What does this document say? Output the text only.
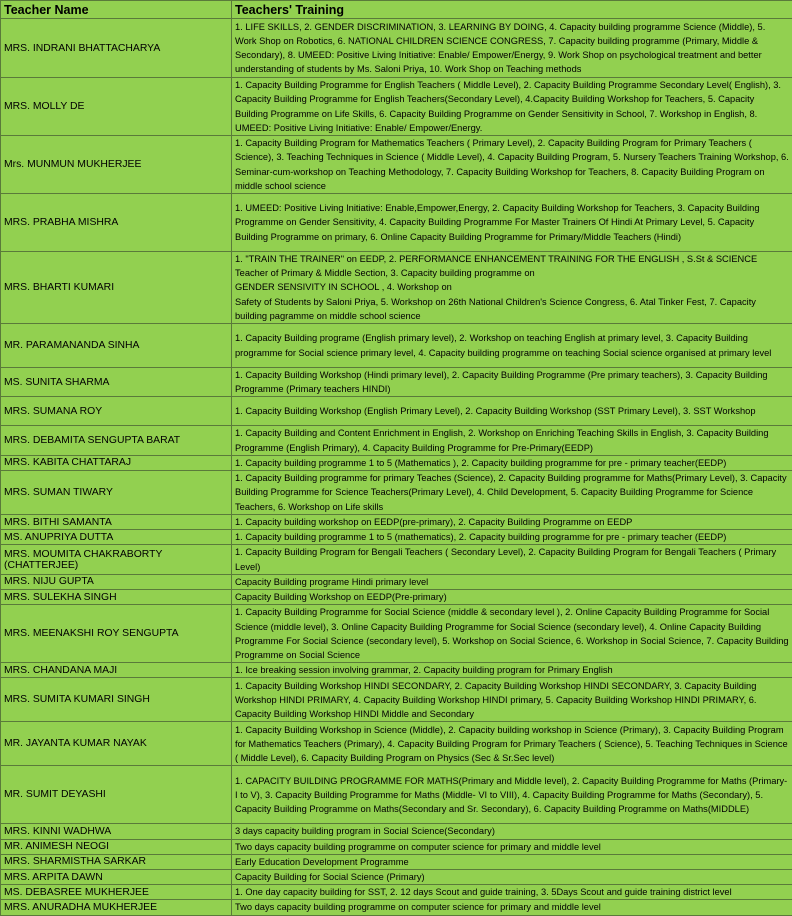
Teacher Name	Teachers' Training
MRS. INDRANI BHATTACHARYA	1. LIFE SKILLS, 2. GENDER DISCRIMINATION, 3. LEARNING BY DOING, 4. Capacity building programme Science (Middle), 5. Work Shop on Robotics, 6. NATIONAL CHILDREN SCIENCE CONGRESS, 7. Capacity building programme (Primary, Middle & Secondary), 8. UMEED: Positive Living Initiative: Enable/ Empower/Energy, 9. Work Shop on psychological treatment and better understanding of students by Ms. Saloni Priya, 10. Work Shop on Teaching methods
MRS. MOLLY DE	1. Capacity Building Programme for English Teachers ( Middle Level), 2. Capacity Building Programme Secondary Level( English), 3. Capacity Building Programme for English Teachers(Secondary Level), 4.Capacity Building Workshop for Teachers, 5. Capacity Building Programme on Life Skills, 6. Capacity Building Programme on Gender Sensitivity in School, 7. Workshop in English, 8. UMEED: Positive Living Initiative: Enable/ Empower/Energy.
Mrs. MUNMUN MUKHERJEE	1. Capacity Building Program for Mathematics Teachers ( Primary Level), 2. Capacity Building Program for Primary Teachers ( Science), 3. Teaching Techniques in Science ( Middle Level), 4. Capacity Building Program, 5. Nursery Teachers Training Workshop, 6. Seminar-cum-workshop on Teaching Methodology, 7. Capacity Building Workshop for Teachers, 8. Capacity Building Program on middle school science
MRS. PRABHA MISHRA	1. UMEED: Positive Living Initiative: Enable,Empower,Energy, 2. Capacity Building Workshop for Teachers, 3. Capacity Building Programme on Gender Sensitivity, 4. Capacity Building Programme For Master Trainers Of Hindi At Primary Level, 5. Capacity Building Programme on primary, 6. Online Capacity Building Programme for Primary/Middle Teachers (Hindi)
MRS. BHARTI KUMARI	1. "TRAIN THE TRAINER" on EEDP, 2. PERFORMANCE ENHANCEMENT TRAINING FOR THE ENGLISH , S.St & SCIENCE Teacher of Primary & Middle Section, 3. Capacity building programme on
GENDER SENSIVITY IN SCHOOL , 4. Workshop on
Safety of Students by Saloni Priya, 5. Workshop on 26th National Children's Science Congress, 6. Atal Tinker Fest, 7. Capacity building pagramme on middle school science
MR. PARAMANANDA SINHA	1. Capacity Building programe (English primary level), 2. Workshop on teaching English at primary level, 3. Capacity Building programme for Social science primary level, 4. Capacity building programme on teaching Social science organised at primary level
MS. SUNITA SHARMA	1. Capacity Building Workshop (Hindi primary level), 2. Capacity Building Programme (Pre primary teachers), 3. Capacity Building Programme (Primary teachers HINDI)
MRS. SUMANA ROY	1. Capacity Building Workshop (English Primary Level), 2. Capacity Building Workshop (SST Primary Level), 3. SST Workshop
MRS. DEBAMITA SENGUPTA BARAT	1. Capacity Building and Content Enrichment in English, 2. Workshop on Enriching Teaching Skills in English, 3. Capacity Building Programme (English Primary), 4. Capacity Building Programme for Pre-Primary(EEDP)
MRS. KABITA CHATTARAJ	1. Capacity building programme 1 to 5 (Mathematics ), 2. Capacity building programme for pre - primary teacher(EEDP)
MRS. SUMAN TIWARY	1. Capacity Building programme for primary Teaches (Science), 2. Capacity Building programme for Maths(Primary Level), 3. Capacity Building Programme for Science Teachers(Primary Level), 4. Child Development, 5. Capacity Building Programme for Science Teachers, 6. Workshop on Life skills
MRS. BITHI SAMANTA	1. Capacity building workshop on EEDP(pre-primary), 2. Capacity Building Programme on EEDP
MS. ANUPRIYA DUTTA	1. Capacity building programme 1 to 5 (mathematics), 2. Capacity building programme for pre - primary teacher (EEDP)
MRS. MOUMITA CHAKRABORTY (CHATTERJEE)	1. Capacity Building Program for Bengali Teachers ( Secondary Level), 2. Capacity Building Program for Bengali Teachers ( Primary Level)
MRS. NIJU GUPTA	Capacity Building programe Hindi primary level
MRS. SULEKHA SINGH	Capacity Building Workshop on EEDP(Pre-primary)
MRS. MEENAKSHI ROY SENGUPTA	1. Capacity Building Programme for Social Science (middle & secondary level ), 2. Online Capacity Building Programme for Social Science (middle level), 3. Online Capacity Building Programme for Social Science (secondary level), 4. Online Capacity Building Programme For Social Science (secondary level), 5. Workshop on Social Science, 6. Workshop in Social Science, 7. Capacity Building Programme on Social Science
MRS. CHANDANA MAJI	1. Ice breaking session involving grammar, 2. Capacity building program for Primary English
MRS. SUMITA KUMARI SINGH	1. Capacity Building Workshop HINDI SECONDARY, 2. Capacity Building Workshop HINDI SECONDARY, 3. Capacity Building Workshop HINDI PRIMARY, 4. Capacity Building Workshop HINDI primary, 5. Capacity Building Workshop HINDI PRIMARY, 6. Capacity Building Workshop HINDI Middle and Secondary
MR. JAYANTA KUMAR NAYAK	1. Capacity Building Workshop in Science (Middle), 2. Capacity building workshop in Science (Primary), 3. Capacity Building Program for Mathematics Teachers (Primary), 4. Capacity Building Program for Primary Teachers ( Science), 5. Teaching Techniques in Science ( Middle Level), 6. Capacity Building Program on Physics (Sec & Sr.Sec level)
MR. SUMIT DEYASHI	1. CAPACITY BUILDING PROGRAMME FOR MATHS(Primary and Middle level), 2. Capacity Building Programme for Maths (Primary- I to V), 3. Capacity Building Programme for Maths (Middle- VI to VIII), 4. Capacity Building Programme for Maths (Secondary), 5. Capacity Building Programme on Maths(Secondary and Sr. Secondary), 6. Capacity Building Programme on Maths(MIDDLE)
MRS. KINNI WADHWA	3 days capacity building program in Social Science(Secondary)
MR. ANIMESH NEOGI	Two days capacity building programme on computer science for primary and middle level
MRS. SHARMISTHA SARKAR	Early Education Development Programme
MRS. ARPITA DAWN	Capacity Building for Social Science (Primary)
MS. DEBASREE MUKHERJEE	1. One day capacity building for SST, 2. 12 days Scout and guide training, 3. 5Days Scout and guide training district level
MRS. ANURADHA MUKHERJEE	Two days capacity building programme on computer science for primary and middle level
